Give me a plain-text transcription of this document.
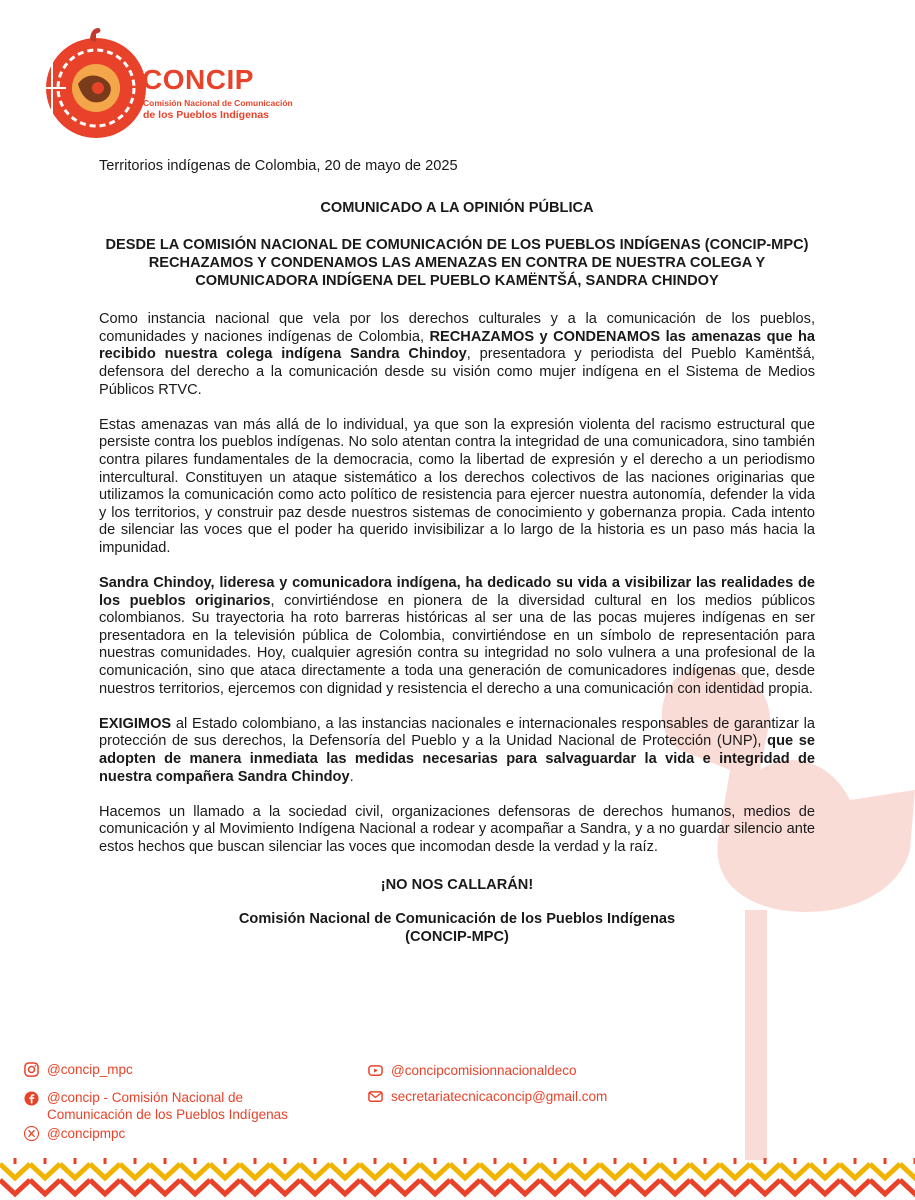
CONCIP
Comisión Nacional de Comunicación
de los Pueblos Indígenas

Territorios indígenas de Colombia, 20 de mayo de 2025

COMUNICADO A LA OPINIÓN PÚBLICA

DESDE LA COMISIÓN NACIONAL DE COMUNICACIÓN DE LOS PUEBLOS INDÍGENAS (CONCIP-MPC) RECHAZAMOS Y CONDENAMOS LAS AMENAZAS EN CONTRA DE NUESTRA COLEGA Y COMUNICADORA INDÍGENA DEL PUEBLO KAMËNTŠÁ, SANDRA CHINDOY

Como instancia nacional que vela por los derechos culturales y a la comunicación de los pueblos, comunidades y naciones indígenas de Colombia, RECHAZAMOS y CONDENAMOS las amenazas que ha recibido nuestra colega indígena Sandra Chindoy, presentadora y periodista del Pueblo Kamëntšá, defensora del derecho a la comunicación desde su visión como mujer indígena en el Sistema de Medios Públicos RTVC.

Estas amenazas van más allá de lo individual, ya que son la expresión violenta del racismo estructural que persiste contra los pueblos indígenas. No solo atentan contra la integridad de una comunicadora, sino también contra pilares fundamentales de la democracia, como la libertad de expresión y el derecho a un periodismo intercultural. Constituyen un ataque sistemático a los derechos colectivos de las naciones originarias que utilizamos la comunicación como acto político de resistencia para ejercer nuestra autonomía, defender la vida y los territorios, y construir paz desde nuestros sistemas de conocimiento y gobernanza propia. Cada intento de silenciar las voces que el poder ha querido invisibilizar a lo largo de la historia es un paso más hacia la impunidad.

Sandra Chindoy, lideresa y comunicadora indígena, ha dedicado su vida a visibilizar las realidades de los pueblos originarios, convirtiéndose en pionera de la diversidad cultural en los medios públicos colombianos. Su trayectoria ha roto barreras históricas al ser una de las pocas mujeres indígenas en ser presentadora en la televisión pública de Colombia, convirtiéndose en un símbolo de representación para nuestras comunidades. Hoy, cualquier agresión contra su integridad no solo vulnera a una profesional de la comunicación, sino que ataca directamente a toda una generación de comunicadores indígenas que, desde nuestros territorios, ejercemos con dignidad y resistencia el derecho a una comunicación con identidad propia.

EXIGIMOS al Estado colombiano, a las instancias nacionales e internacionales responsables de garantizar la protección de sus derechos, la Defensoría del Pueblo y a la Unidad Nacional de Protección (UNP), que se adopten de manera inmediata las medidas necesarias para salvaguardar la vida e integridad de nuestra compañera Sandra Chindoy.

Hacemos un llamado a la sociedad civil, organizaciones defensoras de derechos humanos, medios de comunicación y al Movimiento Indígena Nacional a rodear y acompañar a Sandra, y a no guardar silencio ante estos hechos que buscan silenciar las voces que incomodan desde la verdad y la raíz.

¡NO NOS CALLARÁN!

Comisión Nacional de Comunicación de los Pueblos Indígenas

(CONCIP-MPC)

@concip_mpc
@concip - Comisión Nacional de
Comunicación de los Pueblos Indígenas
@concipmpc
@concipcomisionnacionaldeco
secretariatecnicaconcip@gmail.com
